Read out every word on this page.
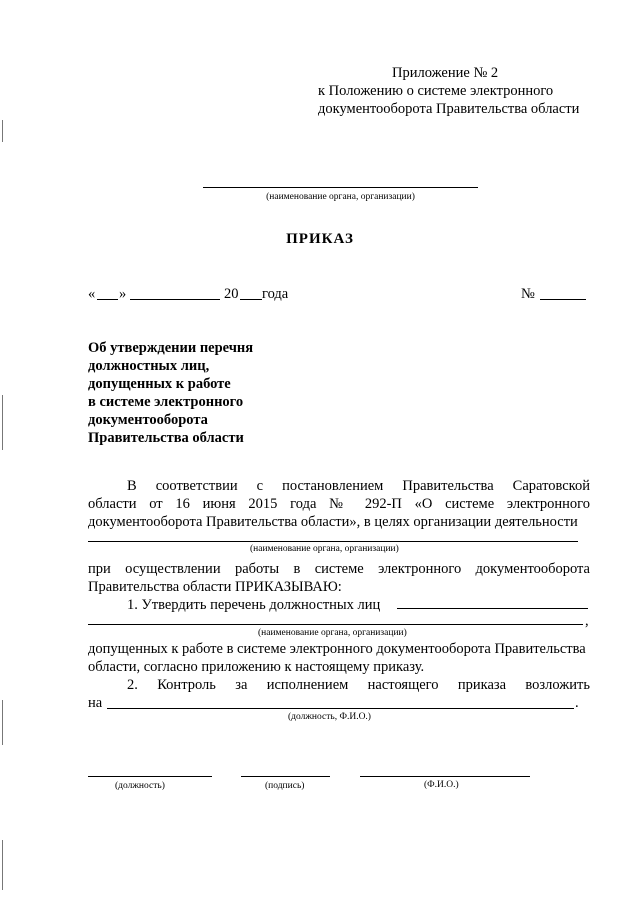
Приложение № 2
к Положению о системе электронного
документооборота Правительства области
(наименование органа, организации)
ПРИКАЗ
« »	20 года	№
Об утверждении перечня
должностных лиц,
допущенных к работе
в системе электронного
документооборота
Правительства области
В соответствии с постановлением Правительства Саратовской
области от 16 июня 2015 года № 292-П «О системе электронного
документооборота Правительства области», в целях организации деятельности
(наименование органа, организации)
при осуществлении работы в системе электронного документооборота
Правительства области ПРИКАЗЫВАЮ:
1. Утвердить перечень должностных лиц
,
(наименование органа, организации)
допущенных к работе в системе электронного документооборота Правительства
области, согласно приложению к настоящему приказу.
2. Контроль за исполнением настоящего приказа возложить
на	.
(должность, Ф.И.О.)
(должность)	(подпись)	(Ф.И.О.)
